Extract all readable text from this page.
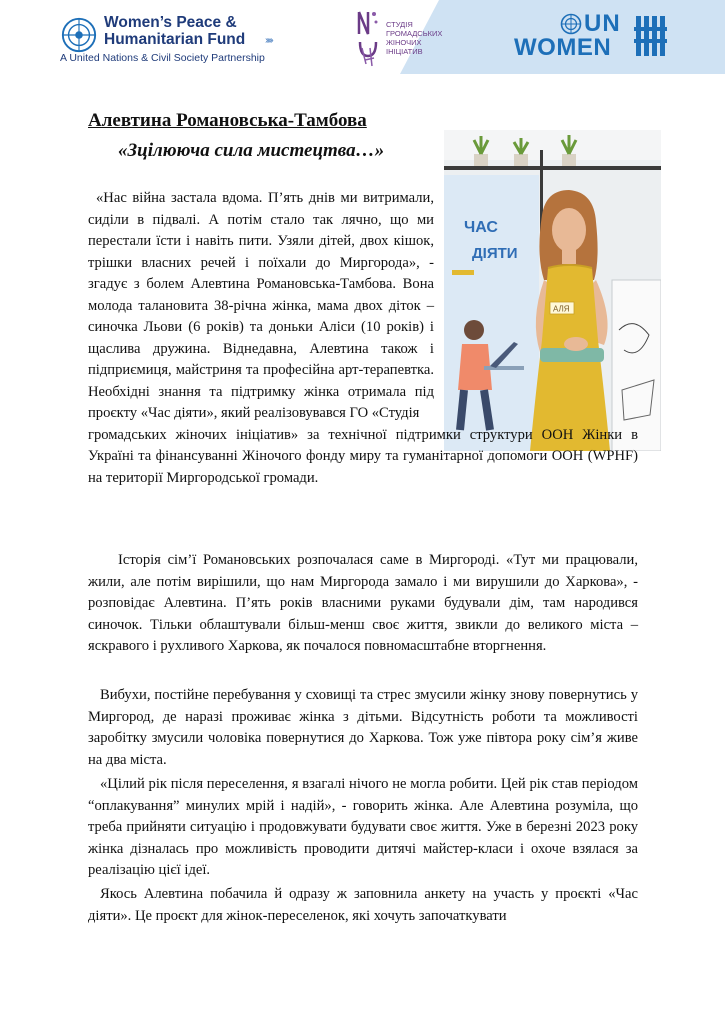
Women’s Peace &
Humanitarian Fund ›››››
A United Nations & Civil Society Partnership
СТУДІЯ
ГРОМАДСЬКИХ
ЖІНОЧИХ
ІНІЦІАТИВ
UN
WOMEN
Алевтина Романовська-Тамбова
«Зцілююча сила мистецтва…»
ЧАС
ДІЯТИ
АЛЯ

«Нас війна застала вдома. П’ять днів ми витримали, сиділи в підвалі. А потім стало так лячно, що ми перестали їсти і навіть пити. Узяли дітей, двох кішок, трішки власних речей і поїхали до Миргорода», - згадує з болем Алевтина Романовська-Тамбова. Вона молода талановита 38-річна жінка, мама двох діток – синочка Льови (6 років) та доньки Аліси (10 років) і щаслива дружина. Віднедавна, Алевтина також і підприємиця, майстриня та професійна арт-терапевтка. Необхідні знання та підтримку жінка отримала під проєкту «Час діяти», який реалізовувався ГО «Студія

громадських жіночих ініціатив» за технічної підтримки структури ООН Жінки в Україні та фінансуванні Жіночого фонду миру та гуманітарної допомоги ООН (WPHF) на території Миргородської громади.
Історія сім’ї Романовських розпочалася саме в Миргороді. «Тут ми працювали, жили, але потім вирішили, що нам Миргорода замало і ми вирушили до Харкова», - розповідає Алевтина. П’ять років власними руками будували дім, там народився синочок. Тільки облаштували більш-менш своє життя, звикли до великого міста – яскравого і рухливого Харкова, як почалося повномасштабне вторгнення.
Вибухи, постійне перебування у сховищі та стрес змусили жінку знову повернутись у Миргород, де наразі проживає жінка з дітьми. Відсутність роботи та можливості заробітку змусили чоловіка повернутися до Харкова. Тож уже півтора року сім’я живе на два міста.
«Цілий рік після переселення, я взагалі нічого не могла робити. Цей рік став періодом “оплакування” минулих мрій і надій», - говорить жінка. Але Алевтина розуміла, що треба прийняти ситуацію і продовжувати будувати своє життя. Уже в березні 2023 року жінка дізналась про можливість проводити дитячі майстер-класи і охоче взялася за реалізацію цієї ідеї.
Якось Алевтина побачила й одразу ж заповнила анкету на участь у проєкті «Час діяти». Це проєкт для жінок-переселенок, які хочуть започаткувати
